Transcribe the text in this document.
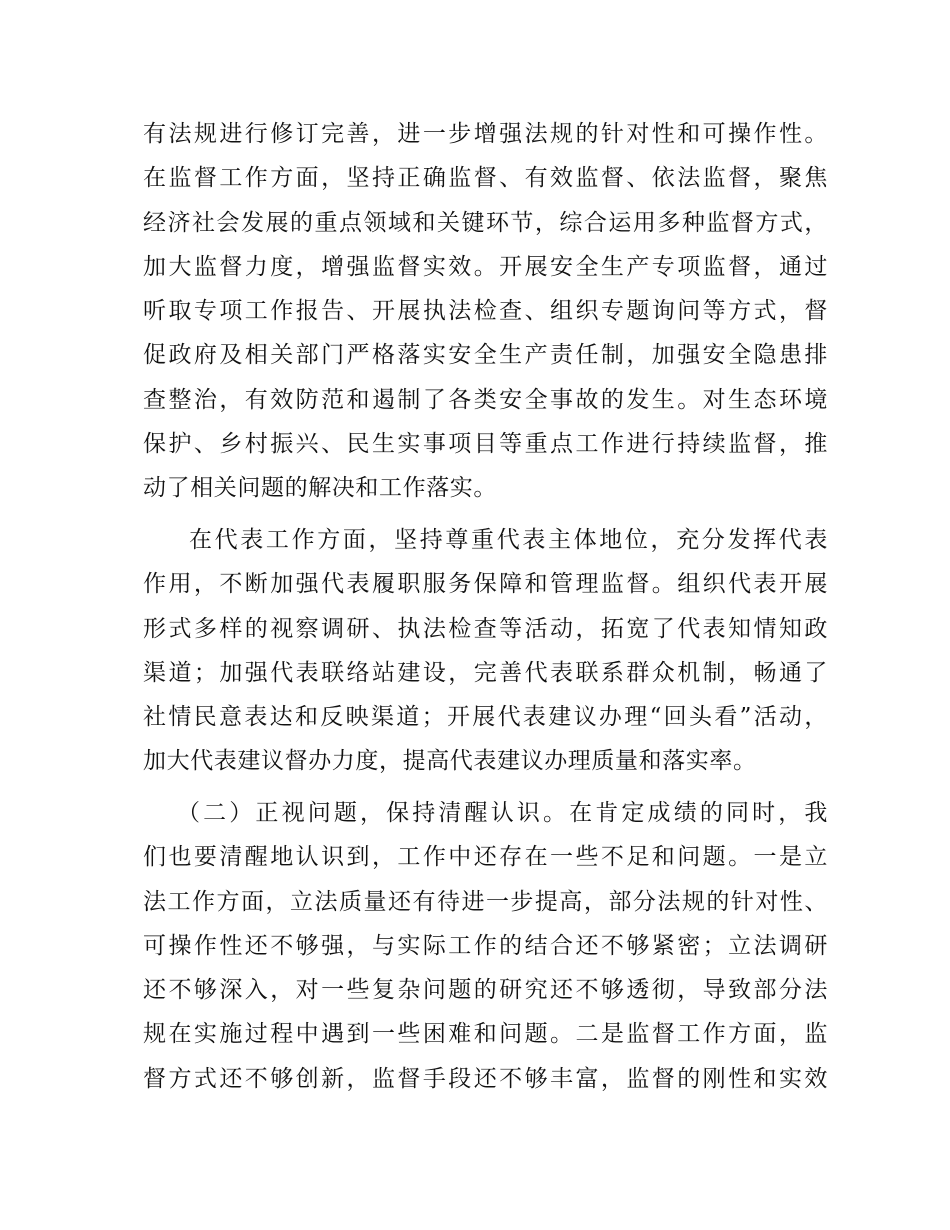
有法规进行修订完善，进一步增强法规的针对性和可操作性。
在监督工作方面，坚持正确监督、有效监督、依法监督，聚焦
经济社会发展的重点领域和关键环节，综合运用多种监督方式，
加大监督力度，增强监督实效。开展安全生产专项监督，通过
听取专项工作报告、开展执法检查、组织专题询问等方式，督
促政府及相关部门严格落实安全生产责任制，加强安全隐患排
查整治，有效防范和遏制了各类安全事故的发生。对生态环境
保护、乡村振兴、民生实事项目等重点工作进行持续监督，推
动了相关问题的解决和工作落实。
在代表工作方面，坚持尊重代表主体地位，充分发挥代表
作用，不断加强代表履职服务保障和管理监督。组织代表开展
形式多样的视察调研、执法检查等活动，拓宽了代表知情知政
渠道；加强代表联络站建设，完善代表联系群众机制，畅通了
社情民意表达和反映渠道；开展代表建议办理“回头看”活动，
加大代表建议督办力度，提高代表建议办理质量和落实率。
（二）正视问题，保持清醒认识。在肯定成绩的同时，我
们也要清醒地认识到，工作中还存在一些不足和问题。一是立
法工作方面，立法质量还有待进一步提高，部分法规的针对性、
可操作性还不够强，与实际工作的结合还不够紧密；立法调研
还不够深入，对一些复杂问题的研究还不够透彻，导致部分法
规在实施过程中遇到一些困难和问题。二是监督工作方面，监
督方式还不够创新，监督手段还不够丰富，监督的刚性和实效
